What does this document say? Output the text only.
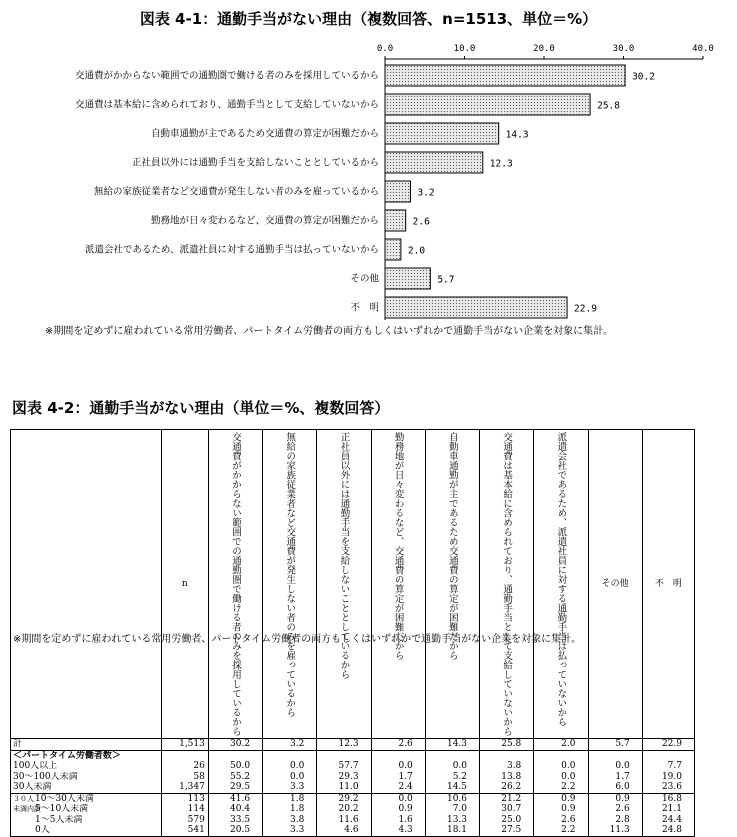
図表 4-1：通勤手当がない理由（複数回答、n=1513、単位＝%）
0.0	10.0	20.0	30.0	40.0
交通費がかからない範囲での通勤圏で働ける者のみを採用しているから	30.2
交通費は基本給に含められており、通勤手当として支給していないから	25.8
自動車通勤が主であるため交通費の算定が困難だから	14.3
正社員以外には通勤手当を支給しないこととしているから	12.3
無給の家族従業者など交通費が発生しない者のみを雇っているから	3.2
勤務地が日々変わるなど、交通費の算定が困難だから	2.6
派遣会社であるため、派遣社員に対する通勤手当は払っていないから	2.0
その他	5.7
不　明	22.9
※期間を定めずに雇われている常用労働者、パートタイム労働者の両方もしくはいずれかで通勤手当がない企業を対象に集計。
図表 4-2：通勤手当がない理由（単位＝%、複数回答）
	n	交通費がかからない範囲での通勤圏で働ける者のみを採用しているから	無給の家族従業者など交通費が発生しない者のみを雇っているから	正社員以外には通勤手当を支給しないこととしているから	勤務地が日々変わるなど、交通費の算定が困難だから	自動車通勤が主であるため交通費の算定が困難だから	交通費は基本給に含められており、通勤手当として支給していないから	派遣会社であるため、派遣社員に対する通勤手当は払っていないから	その他	不　明
計	1,513	30.2	3.2	12.3	2.6	14.3	25.8	2.0	5.7	22.9
＜パートタイム労働者数＞										
100人以上	26	50.0	0.0	57.7	0.0	0.0	3.8	0.0	0.0	7.7
30～100人未満	58	55.2	0.0	29.3	1.7	5.2	13.8	0.0	1.7	19.0
30人未満	1,347	29.5	3.3	11.0	2.4	14.5	26.2	2.2	6.0	23.6

３０人 10～30人未満	113	41.6	1.8	29.2	0.0	10.6	21.2	0.9	0.9	16.8

未満内訳
5～10人未満	114	40.4	1.8	20.2	0.9	7.0	30.7	0.9	2.6	21.1

1～5人未満	579	33.5	3.8	11.6	1.6	13.3	25.0	2.6	2.8	24.4

0人	541	20.5	3.3	4.6	4.3	18.1	27.5	2.2	11.3	24.8
※期間を定めずに雇われている常用労働者、パートタイム労働者の両方もしくはいずれかで通勤手当がない企業を対象に集計。
